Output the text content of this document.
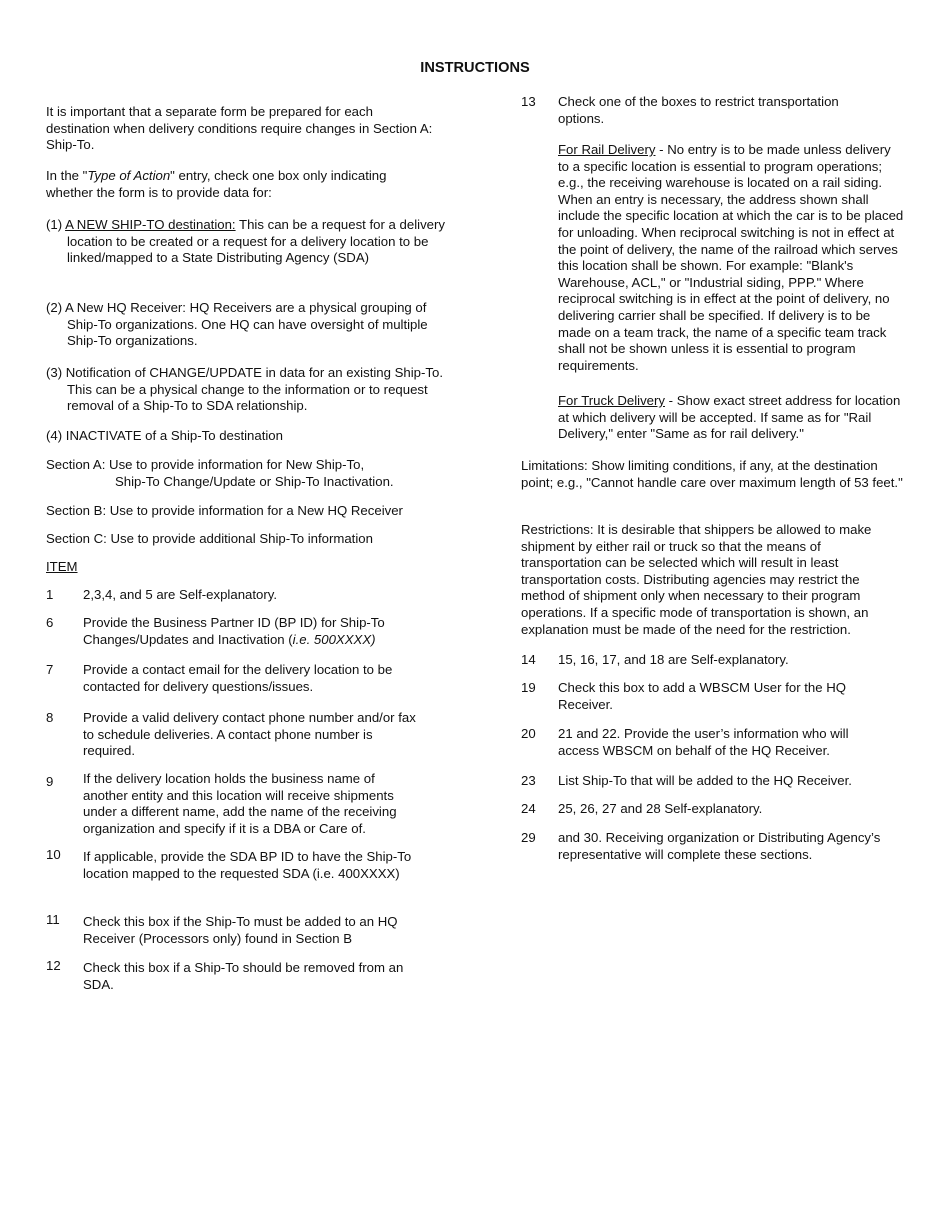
INSTRUCTIONS

It is important that a separate form be prepared for each destination when delivery conditions require changes in Section A: Ship-To.

In the "Type of Action" entry, check one box only indicating whether the form is to provide data for:

(1) A NEW SHIP-TO destination: This can be a request for a delivery location to be created or a request for a delivery location to be linked/mapped to a State Distributing Agency (SDA)

(2) A New HQ Receiver: HQ Receivers are a physical grouping of Ship-To organizations. One HQ can have oversight of multiple Ship-To organizations.

(3) Notification of CHANGE/UPDATE in data for an existing Ship-To. This can be a physical change to the information or to request removal of a Ship-To to SDA relationship.

(4) INACTIVATE of a Ship-To destination

Section A: Use to provide information for New Ship-To,

Ship-To Change/Update or Ship-To Inactivation.

Section B: Use to provide information for a New HQ Receiver

Section C: Use to provide additional Ship-To information

ITEM

1 2,3,4, and 5 are Self-explanatory.
6 Provide the Business Partner ID (BP ID) for Ship-To Changes/Updates and Inactivation (i.e. 500XXXX)
7 Provide a contact email for the delivery location to be contacted for delivery questions/issues.
8 Provide a valid delivery contact phone number and/or fax to schedule deliveries. A contact phone number is required.
9 If the delivery location holds the business name of another entity and this location will receive shipments under a different name, add the name of the receiving organization and specify if it is a DBA or Care of.
10 If applicable, provide the SDA BP ID to have the Ship-To location mapped to the requested SDA (i.e. 400XXXX)
11 Check this box if the Ship-To must be added to an HQ Receiver (Processors only) found in Section B
12 Check this box if a Ship-To should be removed from an SDA.
13 Check one of the boxes to restrict transportation options.

For Rail Delivery - No entry is to be made unless delivery to a specific location is essential to program operations; e.g., the receiving warehouse is located on a rail siding. When an entry is necessary, the address shown shall include the specific location at which the car is to be placed for unloading. When reciprocal switching is not in effect at the point of delivery, the name of the railroad which serves this location shall be shown. For example: "Blank's Warehouse, ACL," or "Industrial siding, PPP." Where reciprocal switching is in effect at the point of delivery, no delivering carrier shall be specified. If delivery is to be made on a team track, the name of a specific team track shall not be shown unless it is essential to program requirements.

For Truck Delivery - Show exact street address for location at which delivery will be accepted. If same as for "Rail Delivery," enter "Same as for rail delivery."

Limitations: Show limiting conditions, if any, at the destination point; e.g., "Cannot handle care over maximum length of 53 feet."

Restrictions: It is desirable that shippers be allowed to make shipment by either rail or truck so that the means of transportation can be selected which will result in least transportation costs. Distributing agencies may restrict the method of shipment only when necessary to their program operations. If a specific mode of transportation is shown, an explanation must be made of the need for the restriction.

14 15, 16, 17, and 18 are Self-explanatory.
19 Check this box to add a WBSCM User for the HQ Receiver.
20 21 and 22. Provide the user’s information who will access WBSCM on behalf of the HQ Receiver.
23 List Ship-To that will be added to the HQ Receiver.
24 25, 26, 27 and 28 Self-explanatory.
29 and 30. Receiving organization or Distributing Agency’s representative will complete these sections.
